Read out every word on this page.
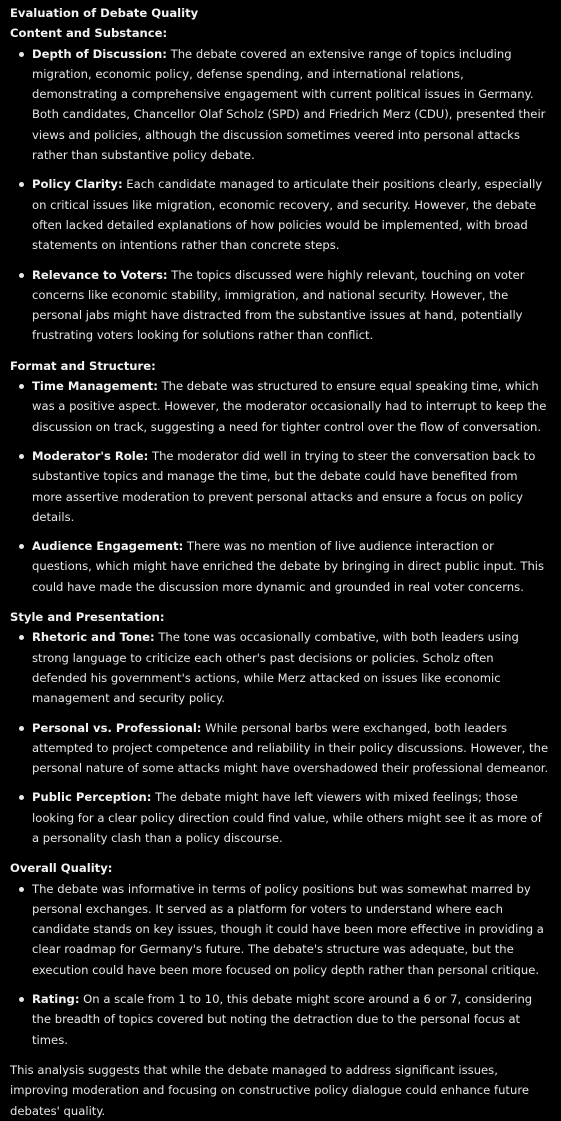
Evaluation of Debate Quality
Content and Substance:
Depth of Discussion: The debate covered an extensive range of topics including migration, economic policy, defense spending, and international relations, demonstrating a comprehensive engagement with current political issues in Germany. Both candidates, Chancellor Olaf Scholz (SPD) and Friedrich Merz (CDU), presented their views and policies, although the discussion sometimes veered into personal attacks rather than substantive policy debate.
Policy Clarity: Each candidate managed to articulate their positions clearly, especially on critical issues like migration, economic recovery, and security. However, the debate often lacked detailed explanations of how policies would be implemented, with broad statements on intentions rather than concrete steps.
Relevance to Voters: The topics discussed were highly relevant, touching on voter concerns like economic stability, immigration, and national security. However, the personal jabs might have distracted from the substantive issues at hand, potentially frustrating voters looking for solutions rather than conflict.
Format and Structure:
Time Management: The debate was structured to ensure equal speaking time, which was a positive aspect. However, the moderator occasionally had to interrupt to keep the discussion on track, suggesting a need for tighter control over the flow of conversation.
Moderator's Role: The moderator did well in trying to steer the conversation back to substantive topics and manage the time, but the debate could have benefited from more assertive moderation to prevent personal attacks and ensure a focus on policy details.
Audience Engagement: There was no mention of live audience interaction or questions, which might have enriched the debate by bringing in direct public input. This could have made the discussion more dynamic and grounded in real voter concerns.
Style and Presentation:
Rhetoric and Tone: The tone was occasionally combative, with both leaders using strong language to criticize each other's past decisions or policies. Scholz often defended his government's actions, while Merz attacked on issues like economic management and security policy.
Personal vs. Professional: While personal barbs were exchanged, both leaders attempted to project competence and reliability in their policy discussions. However, the personal nature of some attacks might have overshadowed their professional demeanor.
Public Perception: The debate might have left viewers with mixed feelings; those looking for a clear policy direction could find value, while others might see it as more of a personality clash than a policy discourse.
Overall Quality:
The debate was informative in terms of policy positions but was somewhat marred by personal exchanges. It served as a platform for voters to understand where each candidate stands on key issues, though it could have been more effective in providing a clear roadmap for Germany's future. The debate's structure was adequate, but the execution could have been more focused on policy depth rather than personal critique.
Rating: On a scale from 1 to 10, this debate might score around a 6 or 7, considering the breadth of topics covered but noting the detraction due to the personal focus at times.
This analysis suggests that while the debate managed to address significant issues, improving moderation and focusing on constructive policy dialogue could enhance future debates' quality.
